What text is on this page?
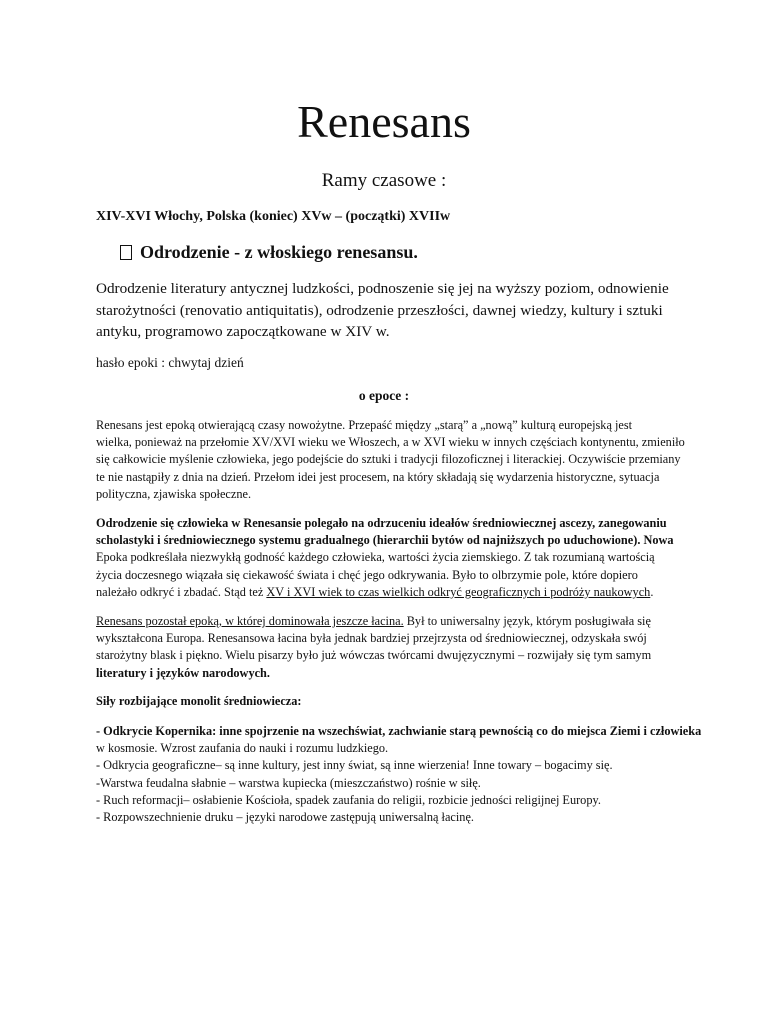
Renesans
Ramy czasowe :
XIV-XVI Włochy, Polska (koniec) XVw – (początki) XVIIw
Odrodzenie - z włoskiego renesansu.
Odrodzenie literatury antycznej ludzkości, podnoszenie się jej na wyższy poziom, odnowienie
starożytności (renovatio antiquitatis), odrodzenie przeszłości, dawnej wiedzy, kultury i sztuki
antyku, programowo zapoczątkowane w XIV w.
hasło epoki : chwytaj dzień
o epoce :
Renesans jest epoką otwierającą czasy nowożytne. Przepaść między „starą” a „nową” kulturą europejską jest
wielka, ponieważ na przełomie XV/XVI wieku we Włoszech, a w XVI wieku w innych częściach kontynentu, zmieniło
się całkowicie myślenie człowieka, jego podejście do sztuki i tradycji filozoficznej i literackiej. Oczywiście przemiany
te nie nastąpiły z dnia na dzień. Przełom idei jest procesem, na który składają się wydarzenia historyczne, sytuacja
polityczna, zjawiska społeczne.
Odrodzenie się człowieka w Renesansie polegało na odrzuceniu ideałów średniowiecznej ascezy, zanegowaniu
scholastyki i średniowiecznego systemu gradualnego (hierarchii bytów od najniższych po uduchowione). Nowa
Epoka podkreślała niezwykłą godność każdego człowieka, wartości życia ziemskiego. Z tak rozumianą wartością
życia doczesnego wiązała się ciekawość świata i chęć jego odkrywania. Było to olbrzymie pole, które dopiero
należało odkryć i zbadać. Stąd też XV i XVI wiek to czas wielkich odkryć geograficznych i podróży naukowych.
Renesans pozostał epoką, w której dominowała jeszcze łacina. Był to uniwersalny język, którym posługiwała się
wykształcona Europa. Renesansowa łacina była jednak bardziej przejrzysta od średniowiecznej, odzyskała swój
starożytny blask i piękno. Wielu pisarzy było już wówczas twórcami dwujęzycznymi – rozwijały się tym samym
literatury i języków narodowych.
Siły rozbijające monolit średniowiecza:
- Odkrycie Kopernika: inne spojrzenie na wszechświat, zachwianie starą pewnością co do miejsca Ziemi i człowieka
w kosmosie. Wzrost zaufania do nauki i rozumu ludzkiego.
- Odkrycia geograficzne– są inne kultury, jest inny świat, są inne wierzenia! Inne towary – bogacimy się.
-Warstwa feudalna słabnie – warstwa kupiecka (mieszczaństwo) rośnie w siłę.
- Ruch reformacji– osłabienie Kościoła, spadek zaufania do religii, rozbicie jedności religijnej Europy.
- Rozpowszechnienie druku – języki narodowe zastępują uniwersalną łacinę.
